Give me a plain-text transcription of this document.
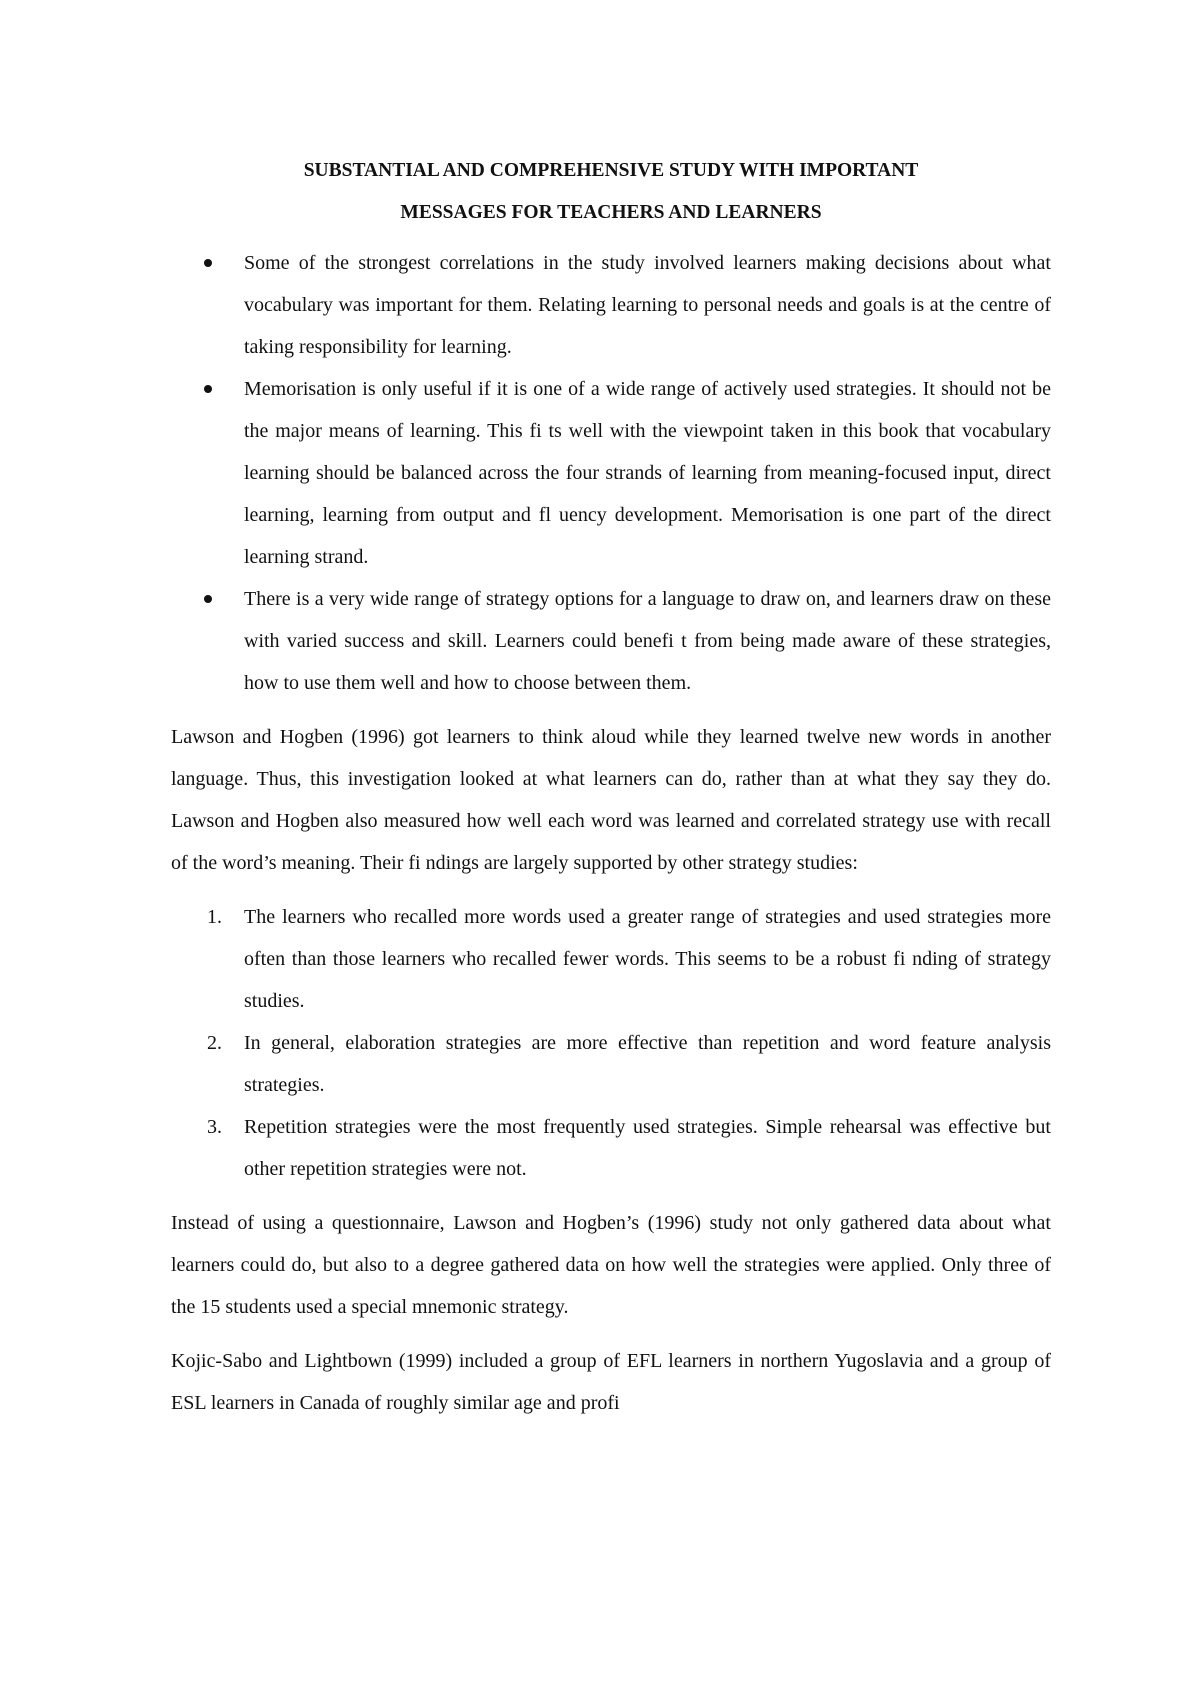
SUBSTANTIAL AND COMPREHENSIVE STUDY WITH IMPORTANT
MESSAGES FOR TEACHERS AND LEARNERS
Some of the strongest correlations in the study involved learners making decisions about what vocabulary was important for them. Relating learning to personal needs and goals is at the centre of taking responsibility for learning.
Memorisation is only useful if it is one of a wide range of actively used strategies. It should not be the major means of learning. This fi ts well with the viewpoint taken in this book that vocabulary learning should be balanced across the four strands of learning from meaning-focused input, direct learning, learning from output and fl uency development. Memorisation is one part of the direct learning strand.
There is a very wide range of strategy options for a language to draw on, and learners draw on these with varied success and skill. Learners could benefi t from being made aware of these strategies, how to use them well and how to choose between them.

Lawson and Hogben (1996) got learners to think aloud while they learned twelve new words in another language. Thus, this investigation looked at what learners can do, rather than at what they say they do. Lawson and Hogben also measured how well each word was learned and correlated strategy use with recall of the word’s meaning. Their fi ndings are largely supported by other strategy studies:

1. The learners who recalled more words used a greater range of strategies and used strategies more often than those learners who recalled fewer words. This seems to be a robust fi nding of strategy studies.
2. In general, elaboration strategies are more effective than repetition and word feature analysis strategies.
3. Repetition strategies were the most frequently used strategies. Simple rehearsal was effective but other repetition strategies were not.

Instead of using a questionnaire, Lawson and Hogben’s (1996) study not only gathered data about what learners could do, but also to a degree gathered data on how well the strategies were applied. Only three of the 15 students used a special mnemonic strategy.

Kojic-Sabo and Lightbown (1999) included a group of EFL learners in northern Yugoslavia and a group of ESL learners in Canada of roughly similar age and profi
